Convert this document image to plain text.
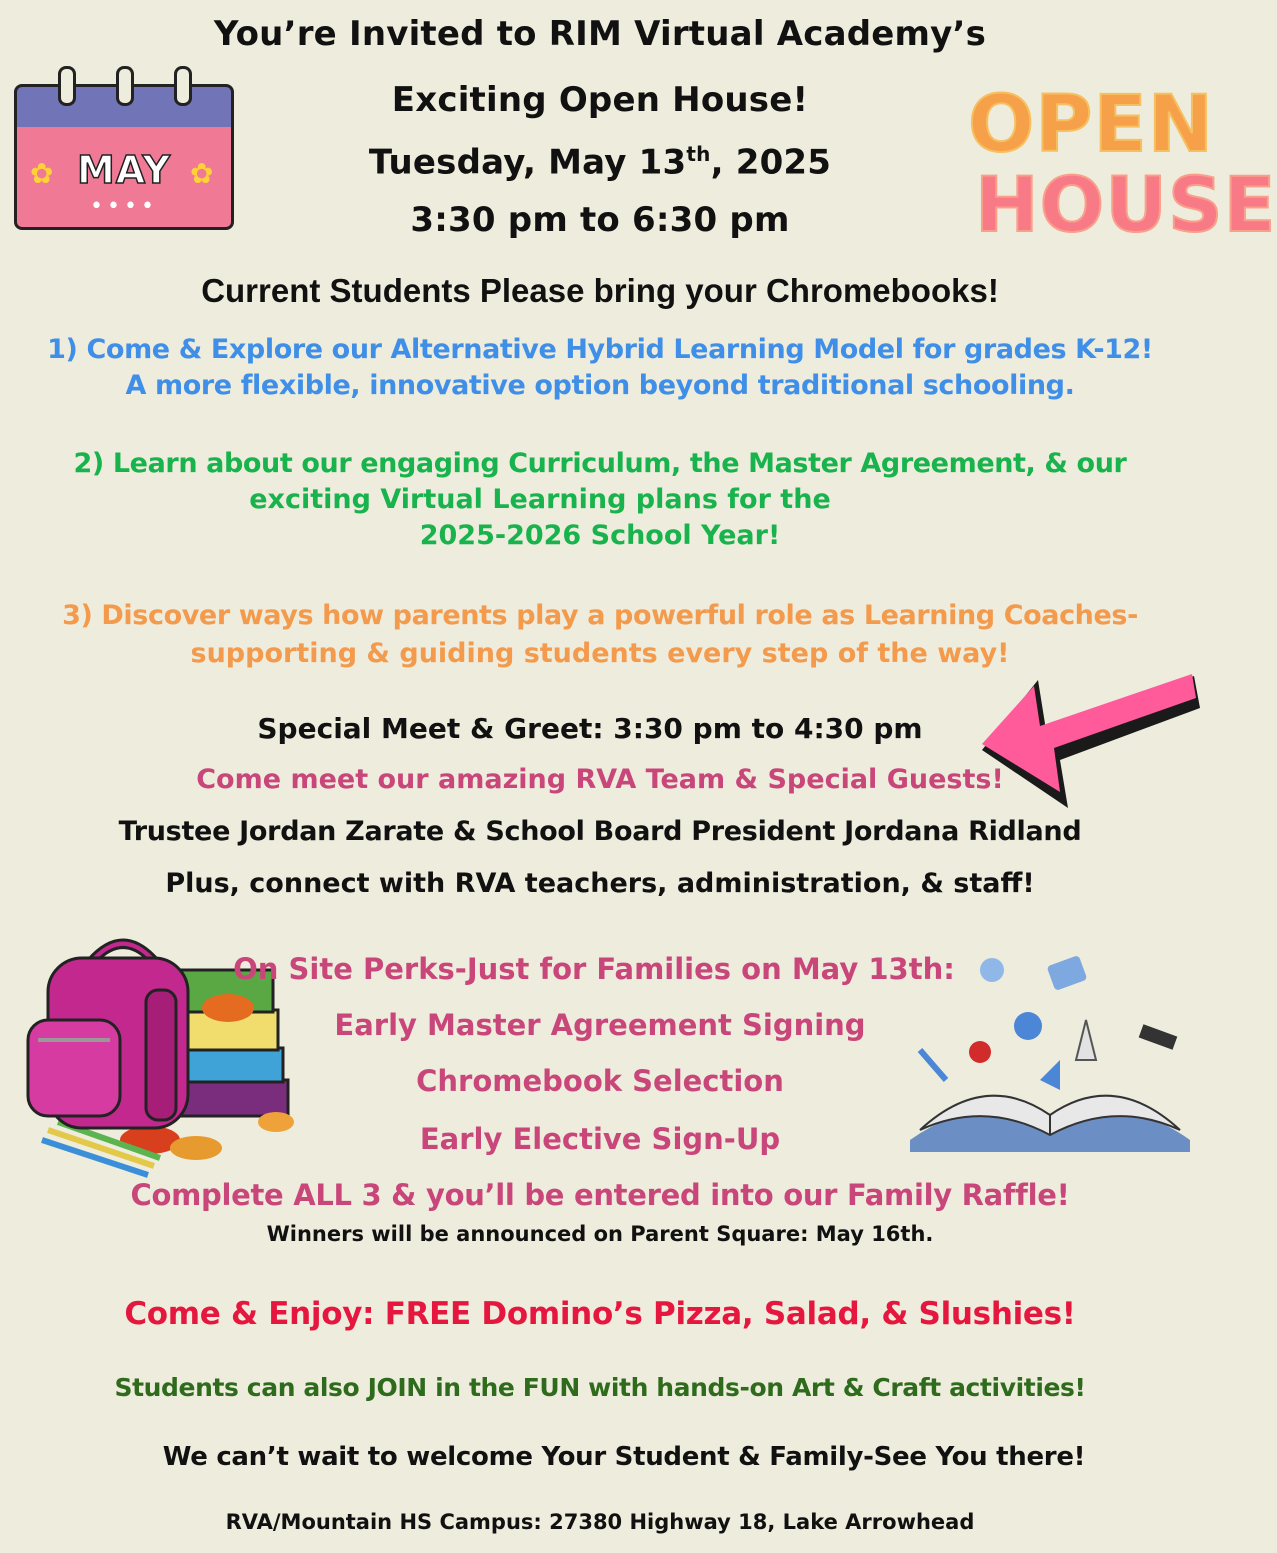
✿	✿
MAY
••••
OPEN
HOUSE
You’re Invited to RIM Virtual Academy’s
Exciting Open House!
Tuesday, May 13th, 2025
3:30 pm to 6:30 pm
Current Students Please bring your Chromebooks!
1) Come & Explore our Alternative Hybrid Learning Model for grades K-12!
A more flexible, innovative option beyond traditional schooling.
2) Learn about our engaging Curriculum, the Master Agreement, & our
exciting Virtual Learning plans for the
2025-2026 School Year!
3) Discover ways how parents play a powerful role as Learning Coaches-
supporting & guiding students every step of the way!
Special Meet & Greet: 3:30 pm to 4:30 pm
Come meet our amazing RVA Team & Special Guests!
Trustee Jordan Zarate & School Board President Jordana Ridland
Plus, connect with RVA teachers, administration, & staff!
On Site Perks-Just for Families on May 13th:
Early Master Agreement Signing
Chromebook Selection
Early Elective Sign-Up
Complete ALL 3 & you’ll be entered into our Family Raffle!
Winners will be announced on Parent Square: May 16th.
Come & Enjoy: FREE Domino’s Pizza, Salad, & Slushies!
Students can also JOIN in the FUN with hands-on Art & Craft activities!
We can’t wait to welcome Your Student & Family-See You there!
RVA/Mountain HS Campus: 27380 Highway 18, Lake Arrowhead
